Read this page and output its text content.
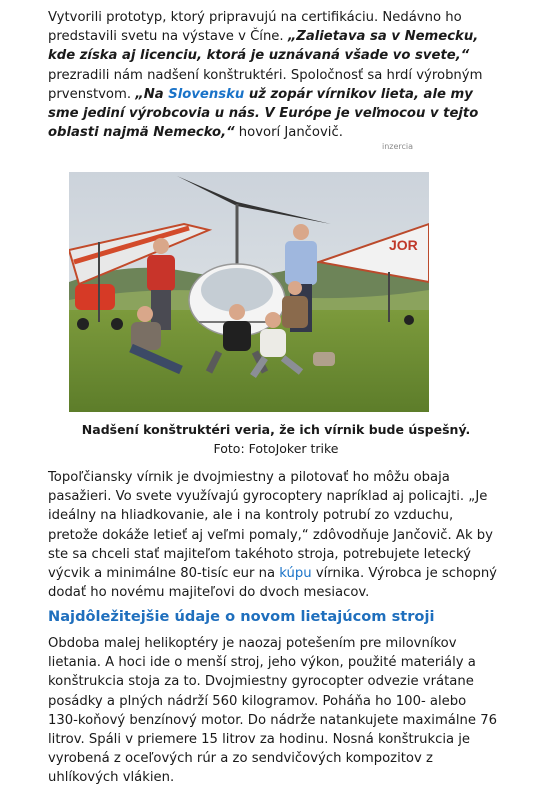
Vytvorili prototyp, ktorý pripravujú na certifikáciu. Nedávno ho predstavili svetu na výstave v Číne. „Zalietava sa v Nemecku, kde získa aj licenciu, ktorá je uznávaná všade vo svete,“ prezradili nám nadšení konštruktéri. Spoločnosť sa hrdí výrobným prvenstvom. „Na Slovensku už zopár vírnikov lieta, ale my sme jediní výrobcovia u nás. V Európe je veľmocou v tejto oblasti najmä Nemecko,“ hovorí Jančovič.

inzercia
JOR
Nadšení konštruktéri veria, že ich vírnik bude úspešný.
Foto: FotoJoker trike

Topoľčiansky vírnik je dvojmiestny a pilotovať ho môžu obaja pasažieri. Vo svete využívajú gyrocoptery napríklad aj policajti. „Je ideálny na hliadkovanie, ale i na kontroly potrubí zo vzduchu, pretože dokáže letieť aj veľmi pomaly,“ zdôvodňuje Jančovič. Ak by ste sa chceli stať majiteľom takéhoto stroja, potrebujete letecký výcvik a minimálne 80-tisíc eur na kúpu vírnika. Výrobca je schopný dodať ho novému majiteľovi do dvoch mesiacov.

Najdôležitejšie údaje o novom lietajúcom stroji

Obdoba malej helikoptéry je naozaj potešením pre milovníkov lietania. A hoci ide o menší stroj, jeho výkon, použité materiály a konštrukcia stoja za to. Dvojmiestny gyrocopter odvezie vrátane posádky a plných nádrží 560 kilogramov. Poháňa ho 100- alebo 130-koňový benzínový motor. Do nádrže natankujete maximálne 76 litrov. Spáli v priemere 15 litrov za hodinu. Nosná konštrukcia je vyrobená z oceľových rúr a zo sendvičových kompozitov z uhlíkových vlákien.
